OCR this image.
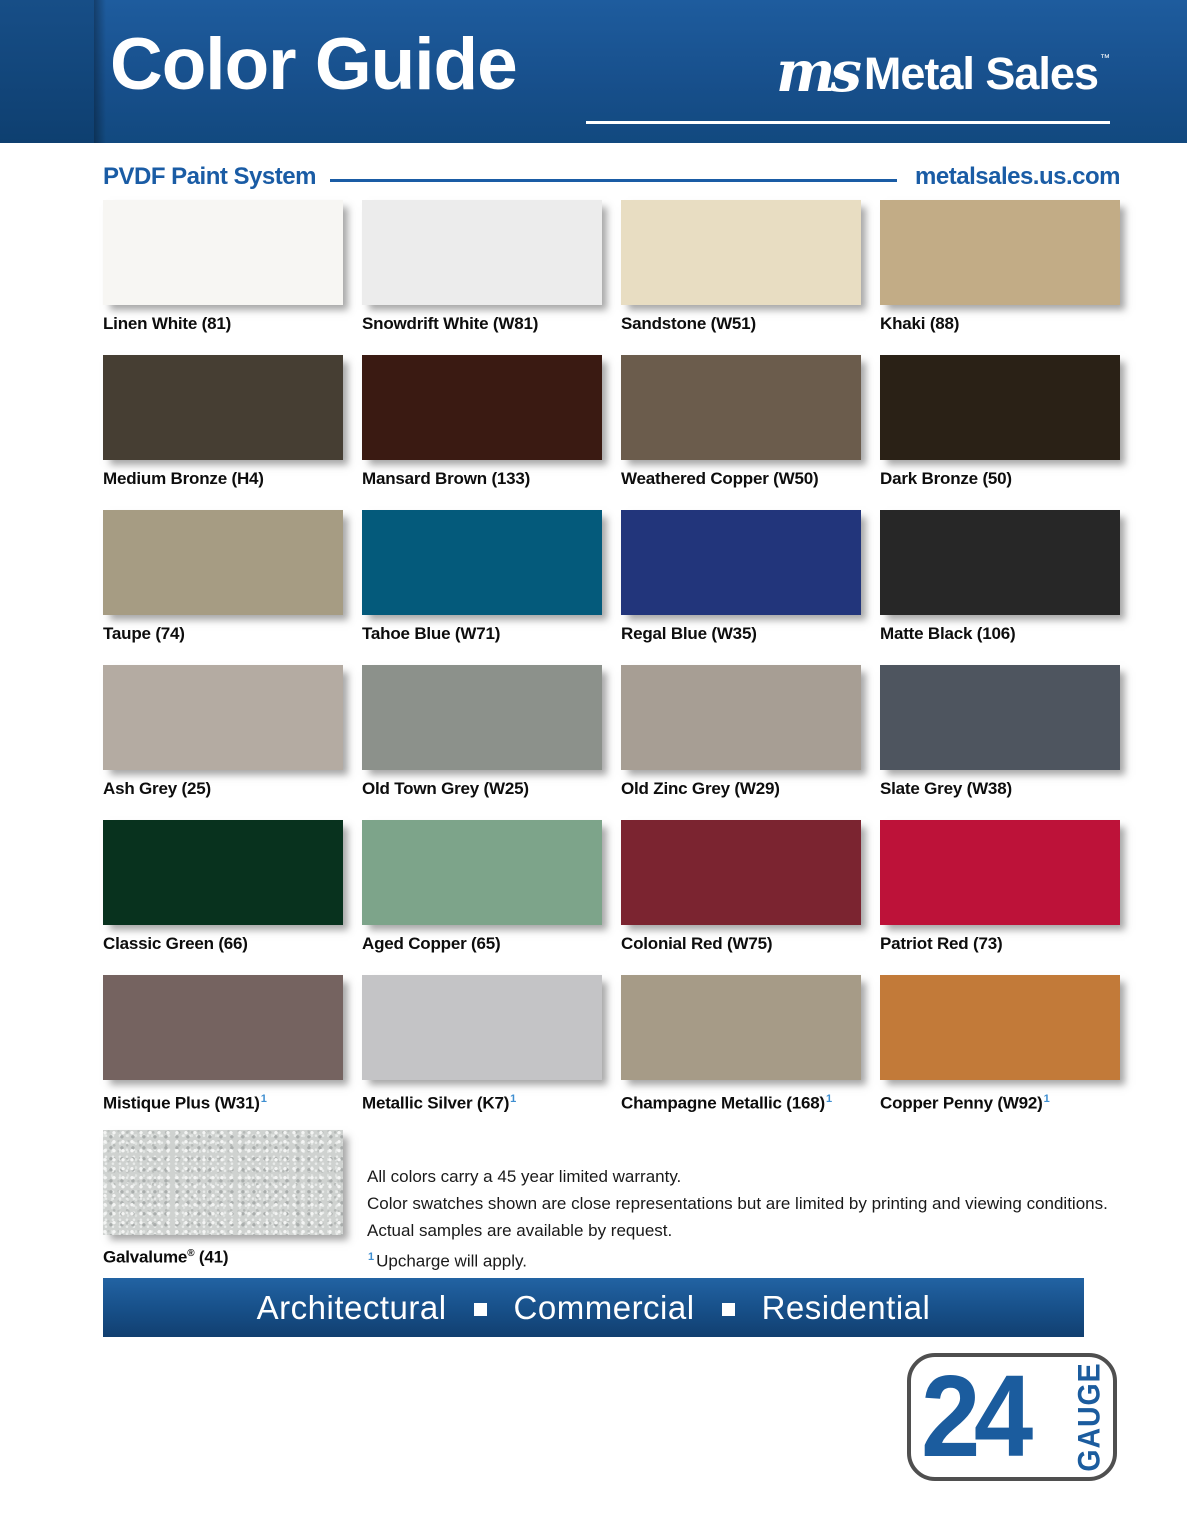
Color Guide	ms Metal Sales ™
PVDF Paint System	metalsales.us.com
Linen White (81)	Snowdrift White (W81)	Sandstone (W51)	Khaki (88)
Medium Bronze (H4)	Mansard Brown (133)	Weathered Copper (W50)	Dark Bronze (50)
Taupe (74)	Tahoe Blue (W71)	Regal Blue (W35)	Matte Black (106)
Ash Grey (25)	Old Town Grey (W25)	Old Zinc Grey (W29)	Slate Grey (W38)
Classic Green (66)	Aged Copper (65)	Colonial Red (W75)	Patriot Red (73)
Mistique Plus $(W31)^1$	Metallic Silver $(K7)^1$	Champagne Metallic $(168)^1$	Copper Penny $(W92)^1$
Galvalume® (41)
All colors carry a 45 year limited warranty.
Color swatches shown are close representations but are limited by printing and viewing conditions.
Actual samples are available by request.
$^1$ Upcharge will apply.
Architectural Commercial Residential
24 GAUGE
